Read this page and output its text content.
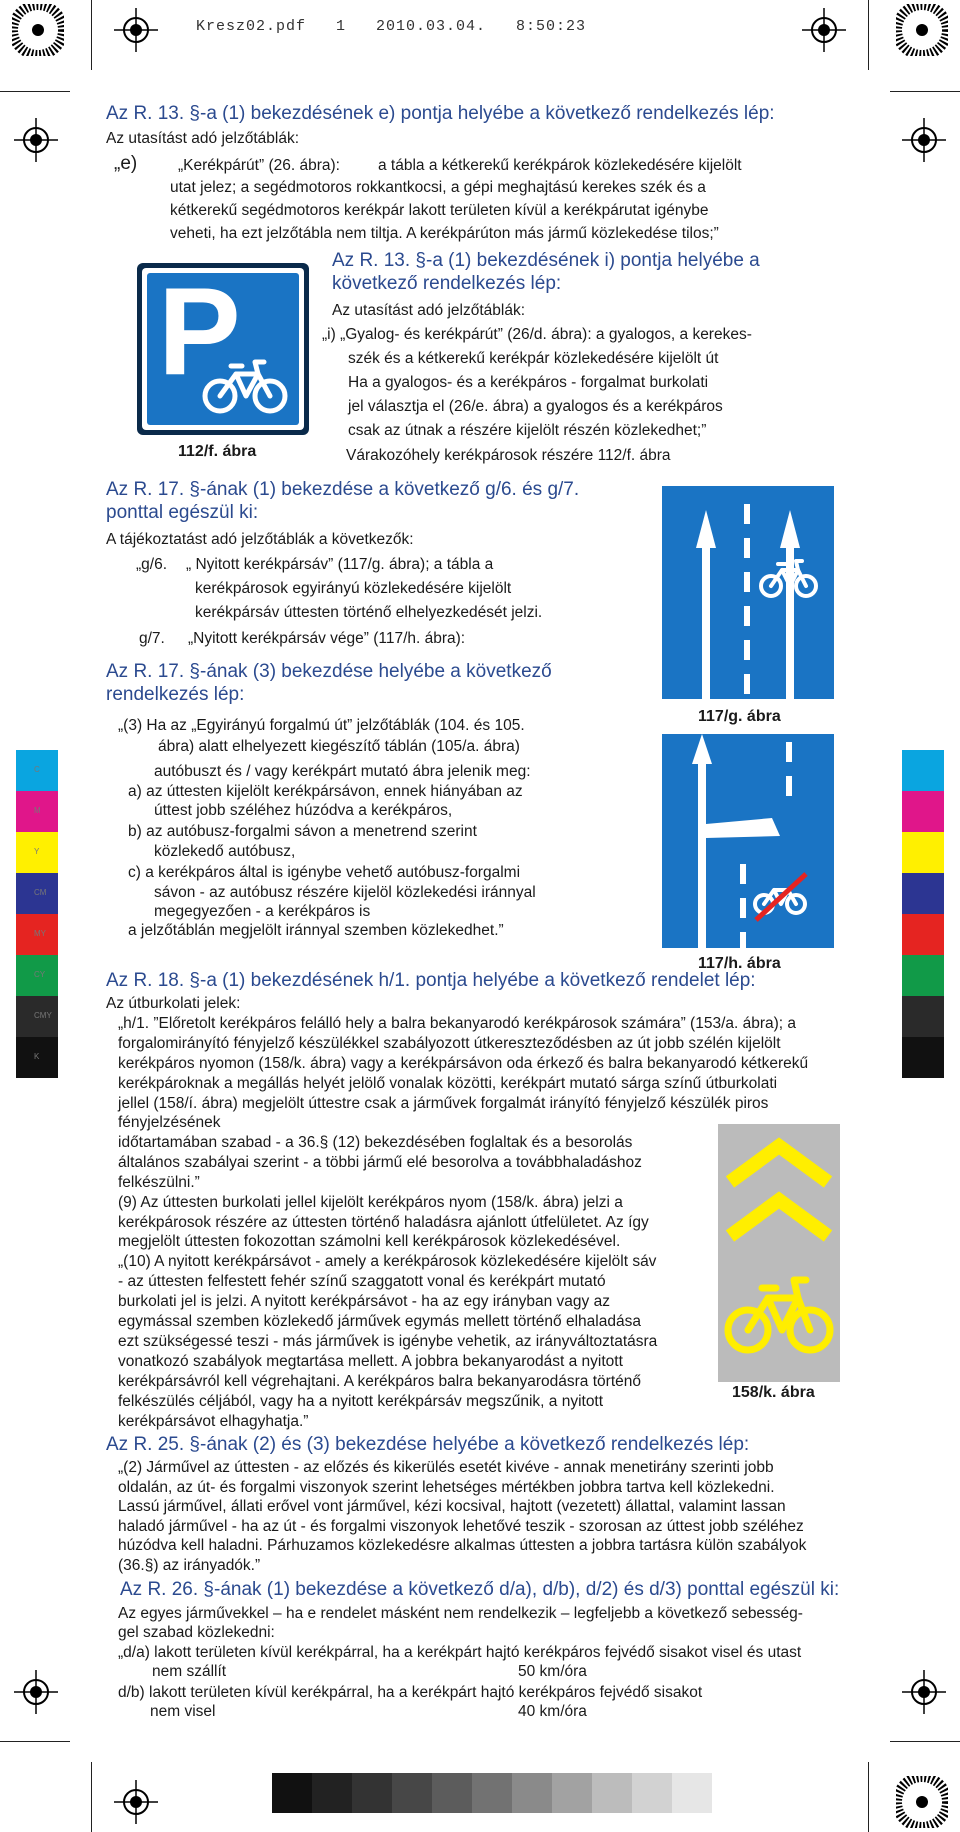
Kresz02.pdf   1   2010.03.04.   8:50:23
C
M
Y
CM
MY
CY
CMY
K
Az R. 13. §-a (1) bekezdésének e) pontja helyébe a következő rendelkezés lép:
Az utasítást adó jelzőtáblák:
„e)	„Kerékpárút” (26. ábra): a tábla a kétkerekű kerékpárok közlekedésére kijelölt
utat jelez; a segédmotoros rokkantkocsi, a gépi meghajtású kerekes szék és a
kétkerekű segédmotoros kerékpár lakott területen kívül a kerékpárutat igénybe
veheti, ha ezt jelzőtábla nem tiltja. A kerékpárúton más jármű közlekedése tilos;”
P
112/f. ábra
Az R. 13. §-a (1) bekezdésének i) pontja helyébe a
következő rendelkezés lép:
Az utasítást adó jelzőtáblák:
„i) „Gyalog- és kerékpárút” (26/d. ábra): a gyalogos, a kerekes-
szék és a kétkerekű kerékpár közlekedésére kijelölt út
Ha a gyalogos- és a kerékpáros - forgalmat burkolati
jel választja el (26/e. ábra) a gyalogos és a kerékpáros
csak az útnak a részére kijelölt részén közlekedhet;”
Várakozóhely kerékpárosok részére 112/f. ábra
Az R. 17. §-ának (1) bekezdése a következő g/6. és g/7.
ponttal egészül ki:
A tájékoztatást adó jelzőtáblák a következők:
„g/6. „ Nyitott kerékpársáv” (117/g. ábra); a tábla a
kerékpárosok egyirányú közlekedésére kijelölt
kerékpársáv úttesten történő elhelyezkedését jelzi.
g/7. „Nyitott kerékpársáv vége” (117/h. ábra):
117/g. ábra
117/h. ábra
Az R. 17. §-ának (3) bekezdése helyébe a következő
rendelkezés lép:
„(3) Ha az „Egyirányú forgalmú út” jelzőtáblák (104. és 105.
ábra) alatt elhelyezett kiegészítő táblán (105/a. ábra)
autóbuszt és / vagy kerékpárt mutató ábra jelenik meg:
a) az úttesten kijelölt kerékpársávon, ennek hiányában az
úttest jobb széléhez húzódva a kerékpáros,
b) az autóbusz-forgalmi sávon a menetrend szerint
közlekedő autóbusz,
c) a kerékpáros által is igénybe vehető autóbusz-forgalmi
sávon - az autóbusz részére kijelöl közlekedési iránnyal
megegyezően - a kerékpáros is
a jelzőtáblán megjelölt iránnyal szemben közlekedhet.”
Az R. 18. §-a (1) bekezdésének h/1. pontja helyébe a következő rendelet lép:
Az útburkolati jelek:
„h/1. ”Előretolt kerékpáros felálló hely a balra bekanyarodó kerékpárosok számára” (153/a. ábra); a
forgalomirányító fényjelző készülékkel szabályozott útkereszteződésben az út jobb szélén kijelölt
kerékpáros nyomon (158/k. ábra) vagy a kerékpársávon oda érkező és balra bekanyarodó kétkerekű
kerékpároknak a megállás helyét jelölő vonalak közötti, kerékpárt mutató sárga színű útburkolati
jellel (158/í. ábra) megjelölt úttestre csak a járművek forgalmát irányító fényjelző készülék piros
fényjelzésének
időtartamában szabad - a 36.§ (12) bekezdésében foglaltak és a besorolás
általános szabályai szerint - a többi jármű elé besorolva a továbbhaladáshoz
felkészülni.”
(9) Az úttesten burkolati jellel kijelölt kerékpáros nyom (158/k. ábra) jelzi a
kerékpárosok részére az úttesten történő haladásra ajánlott útfelületet. Az így
megjelölt úttesten fokozottan számolni kell kerékpárosok közlekedésével.
„(10) A nyitott kerékpársávot - amely a kerékpárosok közlekedésére kijelölt sáv
- az úttesten felfestett fehér színű szaggatott vonal és kerékpárt mutató
burkolati jel is jelzi. A nyitott kerékpársávot - ha az egy irányban vagy az
egymással szemben közlekedő járművek egymás mellett történő elhaladása
ezt szükségessé teszi - más járművek is igénybe vehetik, az irányváltoztatásra
vonatkozó szabályok megtartása mellett. A jobbra bekanyarodást a nyitott
kerékpársávról kell végrehajtani. A kerékpáros balra bekanyarodásra történő
felkészülés céljából, vagy ha a nyitott kerékpársáv megszűnik, a nyitott
kerékpársávot elhagyhatja.”
158/k. ábra
Az R. 25. §-ának (2) és (3) bekezdése helyébe a következő rendelkezés lép:
„(2) Járművel az úttesten - az előzés és kikerülés esetét kivéve - annak menetirány szerinti jobb
oldalán, az út- és forgalmi viszonyok szerint lehetséges mértékben jobbra tartva kell közlekedni.
Lassú járművel, állati erővel vont járművel, kézi kocsival, hajtott (vezetett) állattal, valamint lassan
haladó járművel - ha az út - és forgalmi viszonyok lehetővé teszik - szorosan az úttest jobb széléhez
húzódva kell haladni. Párhuzamos közlekedésre alkalmas úttesten a jobbra tartásra külön szabályok
(36.§) az irányadók.”
Az R. 26. §-ának (1) bekezdése a következő d/a), d/b), d/2) és d/3) ponttal egészül ki:
Az egyes járművekkel – ha e rendelet másként nem rendelkezik – legfeljebb a következő sebesség-
gel szabad közlekedni:
„d/a) lakott területen kívül kerékpárral, ha a kerékpárt hajtó kerékpáros fejvédő sisakot visel és utast
nem szállít	50 km/óra
d/b) lakott területen kívül kerékpárral, ha a kerékpárt hajtó kerékpáros fejvédő sisakot
nem visel	40 km/óra
